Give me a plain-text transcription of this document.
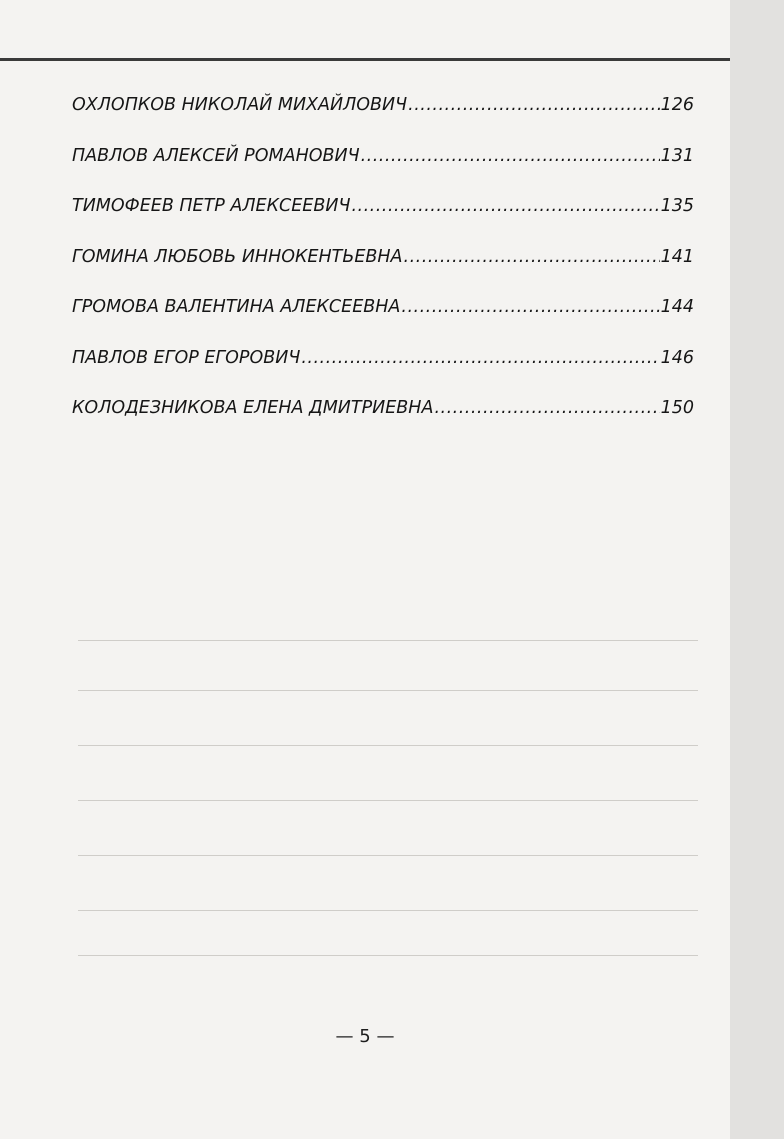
ОХЛОПКОВ НИКОЛАЙ МИХАЙЛОВИЧ .....	126
ПАВЛОВ АЛЕКСЕЙ РОМАНОВИЧ .....	131
ТИМОФЕЕВ ПЕТР АЛЕКСЕЕВИЧ .....	135
ГОМИНА ЛЮБОВЬ ИННОКЕНТЬЕВНА .....	141
ГРОМОВА ВАЛЕНТИНА АЛЕКСЕЕВНА .....	144
ПАВЛОВ ЕГОР ЕГОРОВИЧ .....	146
КОЛОДЕЗНИКОВА ЕЛЕНА ДМИТРИЕВНА .....	150
— 5 —
